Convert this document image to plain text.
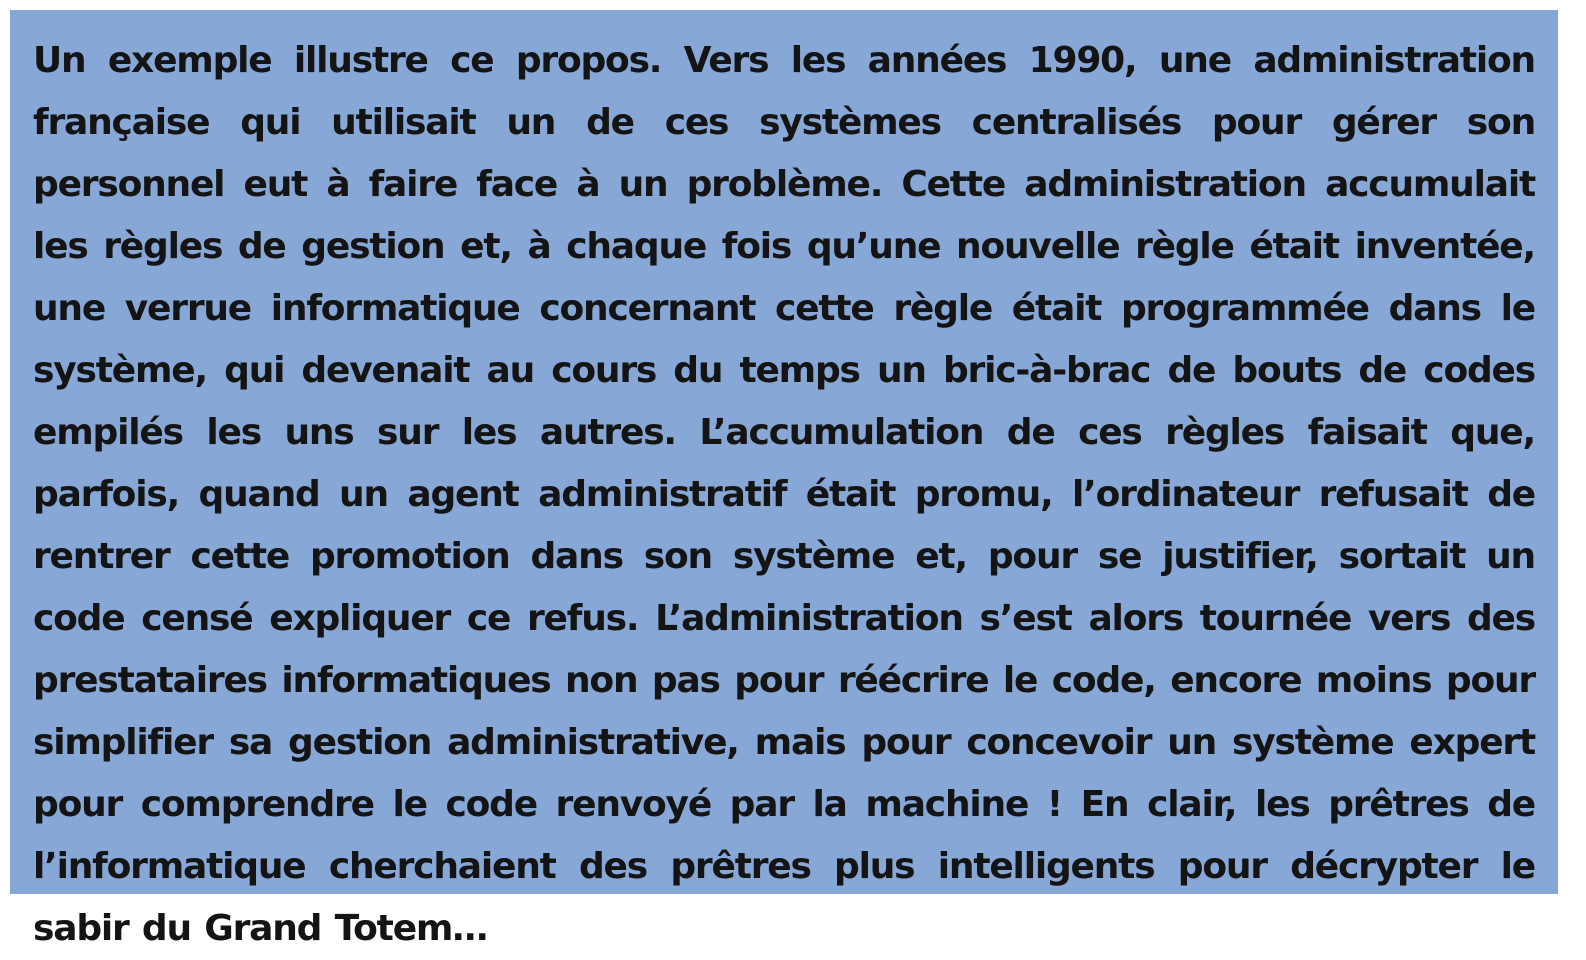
Un exemple illustre ce propos. Vers les années 1990, une administration française qui utilisait un de ces systèmes centralisés pour gérer son personnel eut à faire face à un problème. Cette administration accumulait les règles de gestion et, à chaque fois qu’une nouvelle règle était inventée, une verrue informatique concernant cette règle était programmée dans le système, qui devenait au cours du temps un bric-à-brac de bouts de codes empilés les uns sur les autres. L’accumulation de ces règles faisait que, parfois, quand un agent administratif était promu, l’ordinateur refusait de rentrer cette promotion dans son système et, pour se justifier, sortait un code censé expliquer ce refus. L’administration s’est alors tournée vers des prestataires informatiques non pas pour réécrire le code, encore moins pour simplifier sa gestion administrative, mais pour concevoir un système expert pour comprendre le code renvoyé par la machine ! En clair, les prêtres de l’informatique cherchaient des prêtres plus intelligents pour décrypter le sabir du Grand Totem…
